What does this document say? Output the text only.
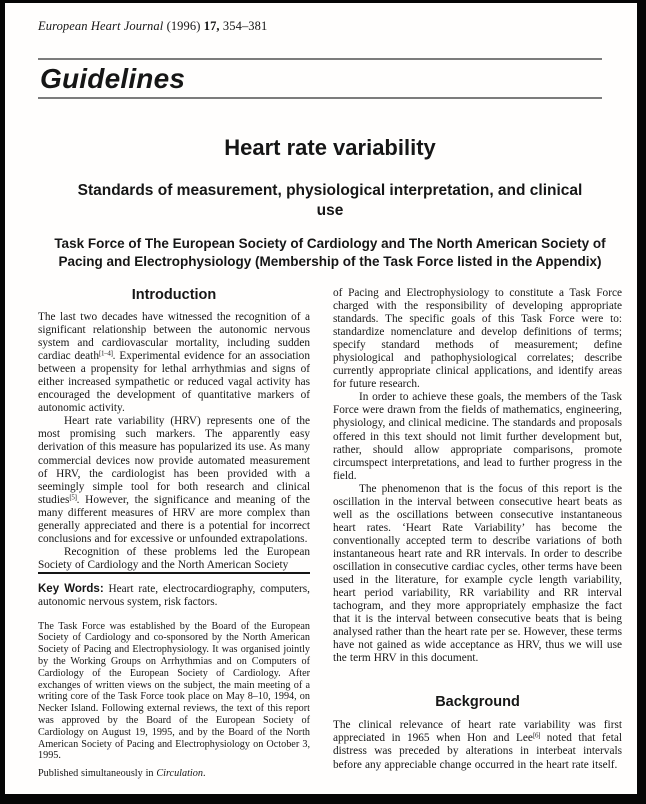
European Heart Journal (1996) 17, 354–381
Guidelines
Heart rate variability
Standards of measurement, physiological interpretation, and clinical use
Task Force of The European Society of Cardiology and The North American Society of Pacing and Electrophysiology (Membership of the Task Force listed in the Appendix)
Introduction

The last two decades have witnessed the recognition of a significant relationship between the autonomic nervous system and cardiovascular mortality, including sudden cardiac death[1–4]. Experimental evidence for an association between a propensity for lethal arrhythmias and signs of either increased sympathetic or reduced vagal activity has encouraged the development of quantitative markers of autonomic activity.

Heart rate variability (HRV) represents one of the most promising such markers. The apparently easy derivation of this measure has popularized its use. As many commercial devices now provide automated measurement of HRV, the cardiologist has been provided with a seemingly simple tool for both research and clinical studies[5]. However, the significance and meaning of the many different measures of HRV are more complex than generally appreciated and there is a potential for incorrect conclusions and for excessive or unfounded extrapolations.

Recognition of these problems led the European Society of Cardiology and the North American Society

Key Words: Heart rate, electrocardiography, computers, autonomic nervous system, risk factors.

The Task Force was established by the Board of the European Society of Cardiology and co-sponsored by the North American Society of Pacing and Electrophysiology. It was organised jointly by the Working Groups on Arrhythmias and on Computers of Cardiology of the European Society of Cardiology. After exchanges of written views on the subject, the main meeting of a writing core of the Task Force took place on May 8–10, 1994, on Necker Island. Following external reviews, the text of this report was approved by the Board of the European Society of Cardiology on August 19, 1995, and by the Board of the North American Society of Pacing and Electrophysiology on October 3, 1995.

Published simultaneously in Circulation.

of Pacing and Electrophysiology to constitute a Task Force charged with the responsibility of developing appropriate standards. The specific goals of this Task Force were to: standardize nomenclature and develop definitions of terms; specify standard methods of measurement; define physiological and pathophysiological correlates; describe currently appropriate clinical applications, and identify areas for future research.

In order to achieve these goals, the members of the Task Force were drawn from the fields of mathematics, engineering, physiology, and clinical medicine. The standards and proposals offered in this text should not limit further development but, rather, should allow appropriate comparisons, promote circumspect interpretations, and lead to further progress in the field.

The phenomenon that is the focus of this report is the oscillation in the interval between consecutive heart beats as well as the oscillations between consecutive instantaneous heart rates. ‘Heart Rate Variability’ has become the conventionally accepted term to describe variations of both instantaneous heart rate and RR intervals. In order to describe oscillation in consecutive cardiac cycles, other terms have been used in the literature, for example cycle length variability, heart period variability, RR variability and RR interval tachogram, and they more appropriately emphasize the fact that it is the interval between consecutive beats that is being analysed rather than the heart rate per se. However, these terms have not gained as wide acceptance as HRV, thus we will use the term HRV in this document.

Background

The clinical relevance of heart rate variability was first appreciated in 1965 when Hon and Lee[6] noted that fetal distress was preceded by alterations in interbeat intervals before any appreciable change occurred in the heart rate itself.
